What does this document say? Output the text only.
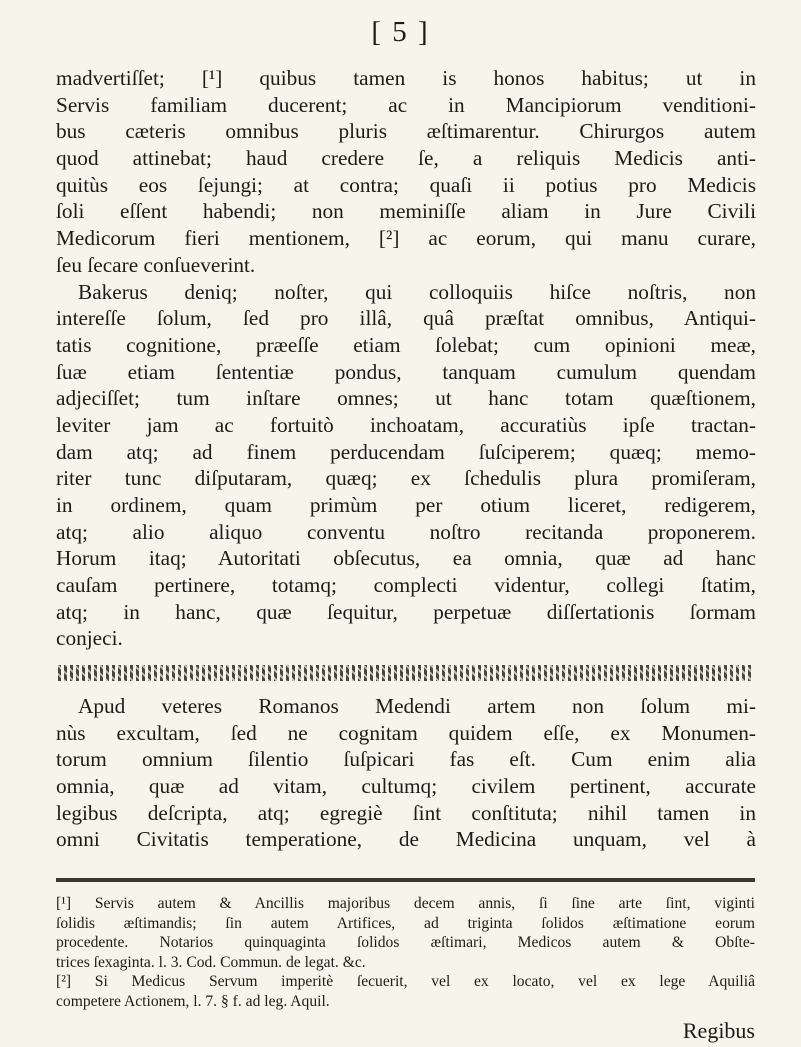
[ 5 ]
madvertiſſet; [¹] quibus tamen is honos habitus; ut in
Servis familiam ducerent; ac in Mancipiorum venditioni-
bus cæteris omnibus pluris æſtimarentur. Chirurgos autem
quod attinebat; haud credere ſe, a reliquis Medicis anti-
quitùs eos ſejungi; at contra; quaſi ii potius pro Medicis
ſoli eſſent habendi; non meminiſſe aliam in Jure Civili
Medicorum fieri mentionem, [²] ac eorum, qui manu curare,
ſeu ſecare conſueverint.
Bakerus deniq; noſter, qui colloquiis hiſce noſtris, non
intereſſe ſolum, ſed pro illâ, quâ præſtat omnibus, Antiqui-
tatis cognitione, præeſſe etiam ſolebat; cum opinioni meæ,
ſuæ etiam ſententiæ pondus, tanquam cumulum quendam
adjeciſſet; tum inſtare omnes; ut hanc totam quæſtionem,
leviter jam ac fortuitò inchoatam, accuratiùs ipſe tractan-
dam atq; ad finem perducendam ſuſciperem; quæq; memo-
riter tunc diſputaram, quæq; ex ſchedulis plura promiſeram,
in ordinem, quam primùm per otium liceret, redigerem,
atq; alio aliquo conventu noſtro recitanda proponerem.
Horum itaq; Autoritati obſecutus, ea omnia, quæ ad hanc
cauſam pertinere, totamq; complecti videntur, collegi ſtatim,
atq; in hanc, quæ ſequitur, perpetuæ diſſertationis ſormam
conjeci.
Apud veteres Romanos Medendi artem non ſolum mi-
nùs excultam, ſed ne cognitam quidem eſſe, ex Monumen-
torum omnium ſilentio ſuſpicari fas eſt. Cum enim alia
omnia, quæ ad vitam, cultumq; civilem pertinent, accurate
legibus deſcripta, atq; egregiè ſint conſtituta; nihil tamen in
omni Civitatis temperatione, de Medicina unquam, vel à
[¹] Servis autem & Ancillis majoribus decem annis, ſi ſine arte ſint, viginti
ſolidis æſtimandis; ſin autem Artifices, ad triginta ſolidos æſtimatione eorum
procedente. Notarios quinquaginta ſolidos æſtimari, Medicos autem & Obſte-
trices ſexaginta. l. 3. Cod. Commun. de legat. &c.
[²] Si Medicus Servum imperitè ſecuerit, vel ex locato, vel ex lege Aquiliâ
competere Actionem, l. 7. § f. ad leg. Aquil.
Regibus
